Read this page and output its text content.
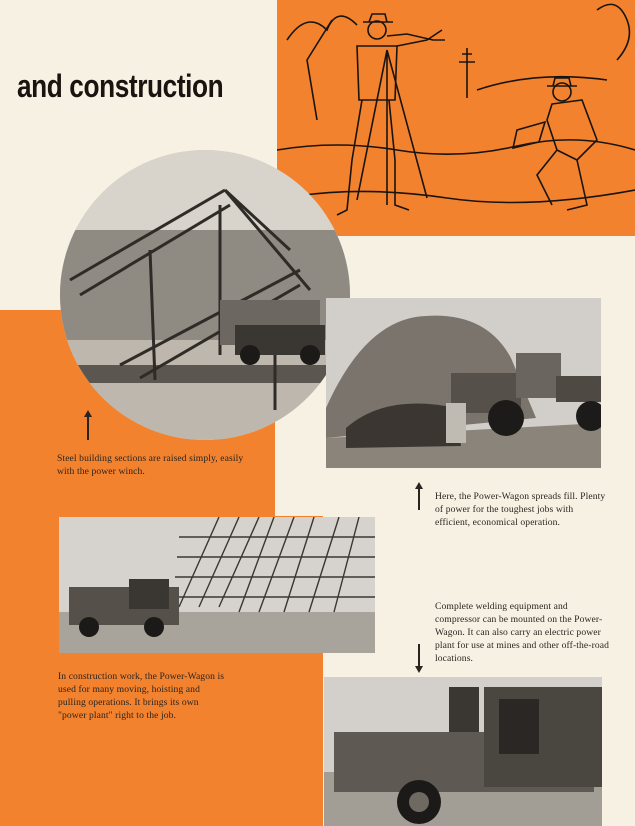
and construction
Steel building sections are raised simply, easily with the power winch.
Here, the Power-Wagon spreads fill. Plenty of power for the toughest jobs with efficient, economical operation.
Complete welding equipment and compressor can be mounted on the Power-Wagon. It can also carry an electric power plant for use at mines and other off-the-road locations.
In construction work, the Power-Wagon is used for many moving, hoisting and pulling operations. It brings its own "power plant" right to the job.
